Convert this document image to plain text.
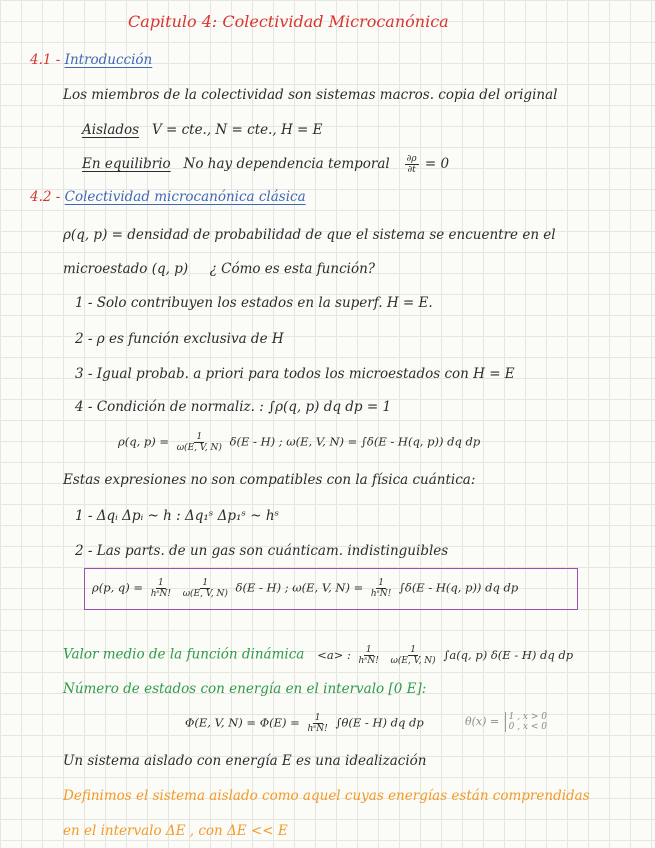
Capitulo 4: Colectividad Microcanónica
4.1 - Introducción
Los miembros de la colectividad son sistemas macros. copia del original
Aislados V = cte., N = cte., H = E
En equilibrio No hay dependencia temporal $\frac{\partial\rho}{\partial t} = 0$
4.2 - Colectividad microcanónica clásica
ρ(q, p) = densidad de probabilidad de que el sistema se encuentre en el
microestado (q, p) ¿ Cómo es esta función?
1 - Solo contribuyen los estados en la superf. H = E.
2 - ρ es función exclusiva de H
3 - Igual probab. a priori para todos los microestados con H = E
4 - Condición de normaliz. : ∫ρ(q, p) dq dp = 1
ρ(q, $p) = \frac{1}{\omega(E, V, N)} \delta(E - H)$ ; ω(E, V, N) = ∫δ(E - H(q, p)) dq dp
Estas expresiones no son compatibles con la física cuántica:
1 - Δqᵢ Δpᵢ ~ h : Δq₁ˢ Δp₁ˢ ~ hˢ
2 - Las parts. de un gas son cuánticam. indistinguibles
ρ(p, $q) = \frac{1}{\text{hˢN!}}$
$\frac{1}{\omega(E, V, N)} \delta(E - H)$ ; ω(E, V, $N) = \frac{1}{\text{hˢN!}} \int\delta(E - H(q$, p)) dq dp
Valor medio de la función dinámica <a> : $\frac{1}{\text{hˢN!}}$
$\frac{1}{\omega(E, V, N)} \int a(q$, p) δ(E - H) dq dp
Número de estados con energía en el intervalo [0 E]:
Φ(E, V, $N) = \Phi(E) = \frac{1}{\text{hˢN!}} \int\theta(E - H)$ dq dp	θ(x) = 1 , x > 0
0 , x < 0
Un sistema aislado con energía E es una idealización
Definimos el sistema aislado como aquel cuyas energías están comprendidas
en el intervalo ΔE , con ΔE << E
